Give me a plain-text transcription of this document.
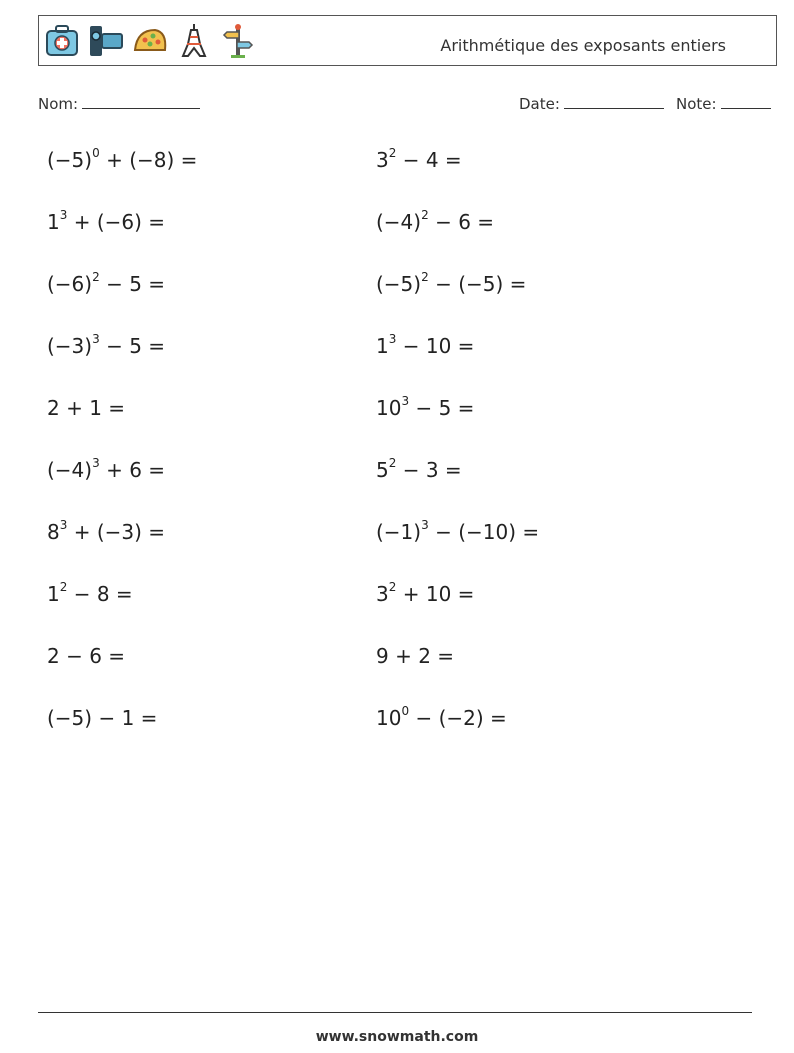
Arithmétique des exposants entiers
Nom:	Date:	Note:
$(-5)^0 + (-8)$ =	$3^2 - 4$ =
$1^3 + (-6)$ =	$(-4)^2 - 6$ =
$(-6)^2 - 5$ =	$(-5)^2 - (-5)$ =
$(-3)^3 - 5$ =	$1^3 - 10$ =
2 + 1 =	$10^3 - 5$ =
$(-4)^3 + 6$ =	$5^2 - 3$ =
$8^3 + (-3)$ =	$(-1)^3 - (-10)$ =
$1^2 - 8$ =	$3^2 + 10$ =
2 − 6 =	9 + 2 =
(−5) − 1 =	$10^0 - (-2)$ =
www.snowmath.com
